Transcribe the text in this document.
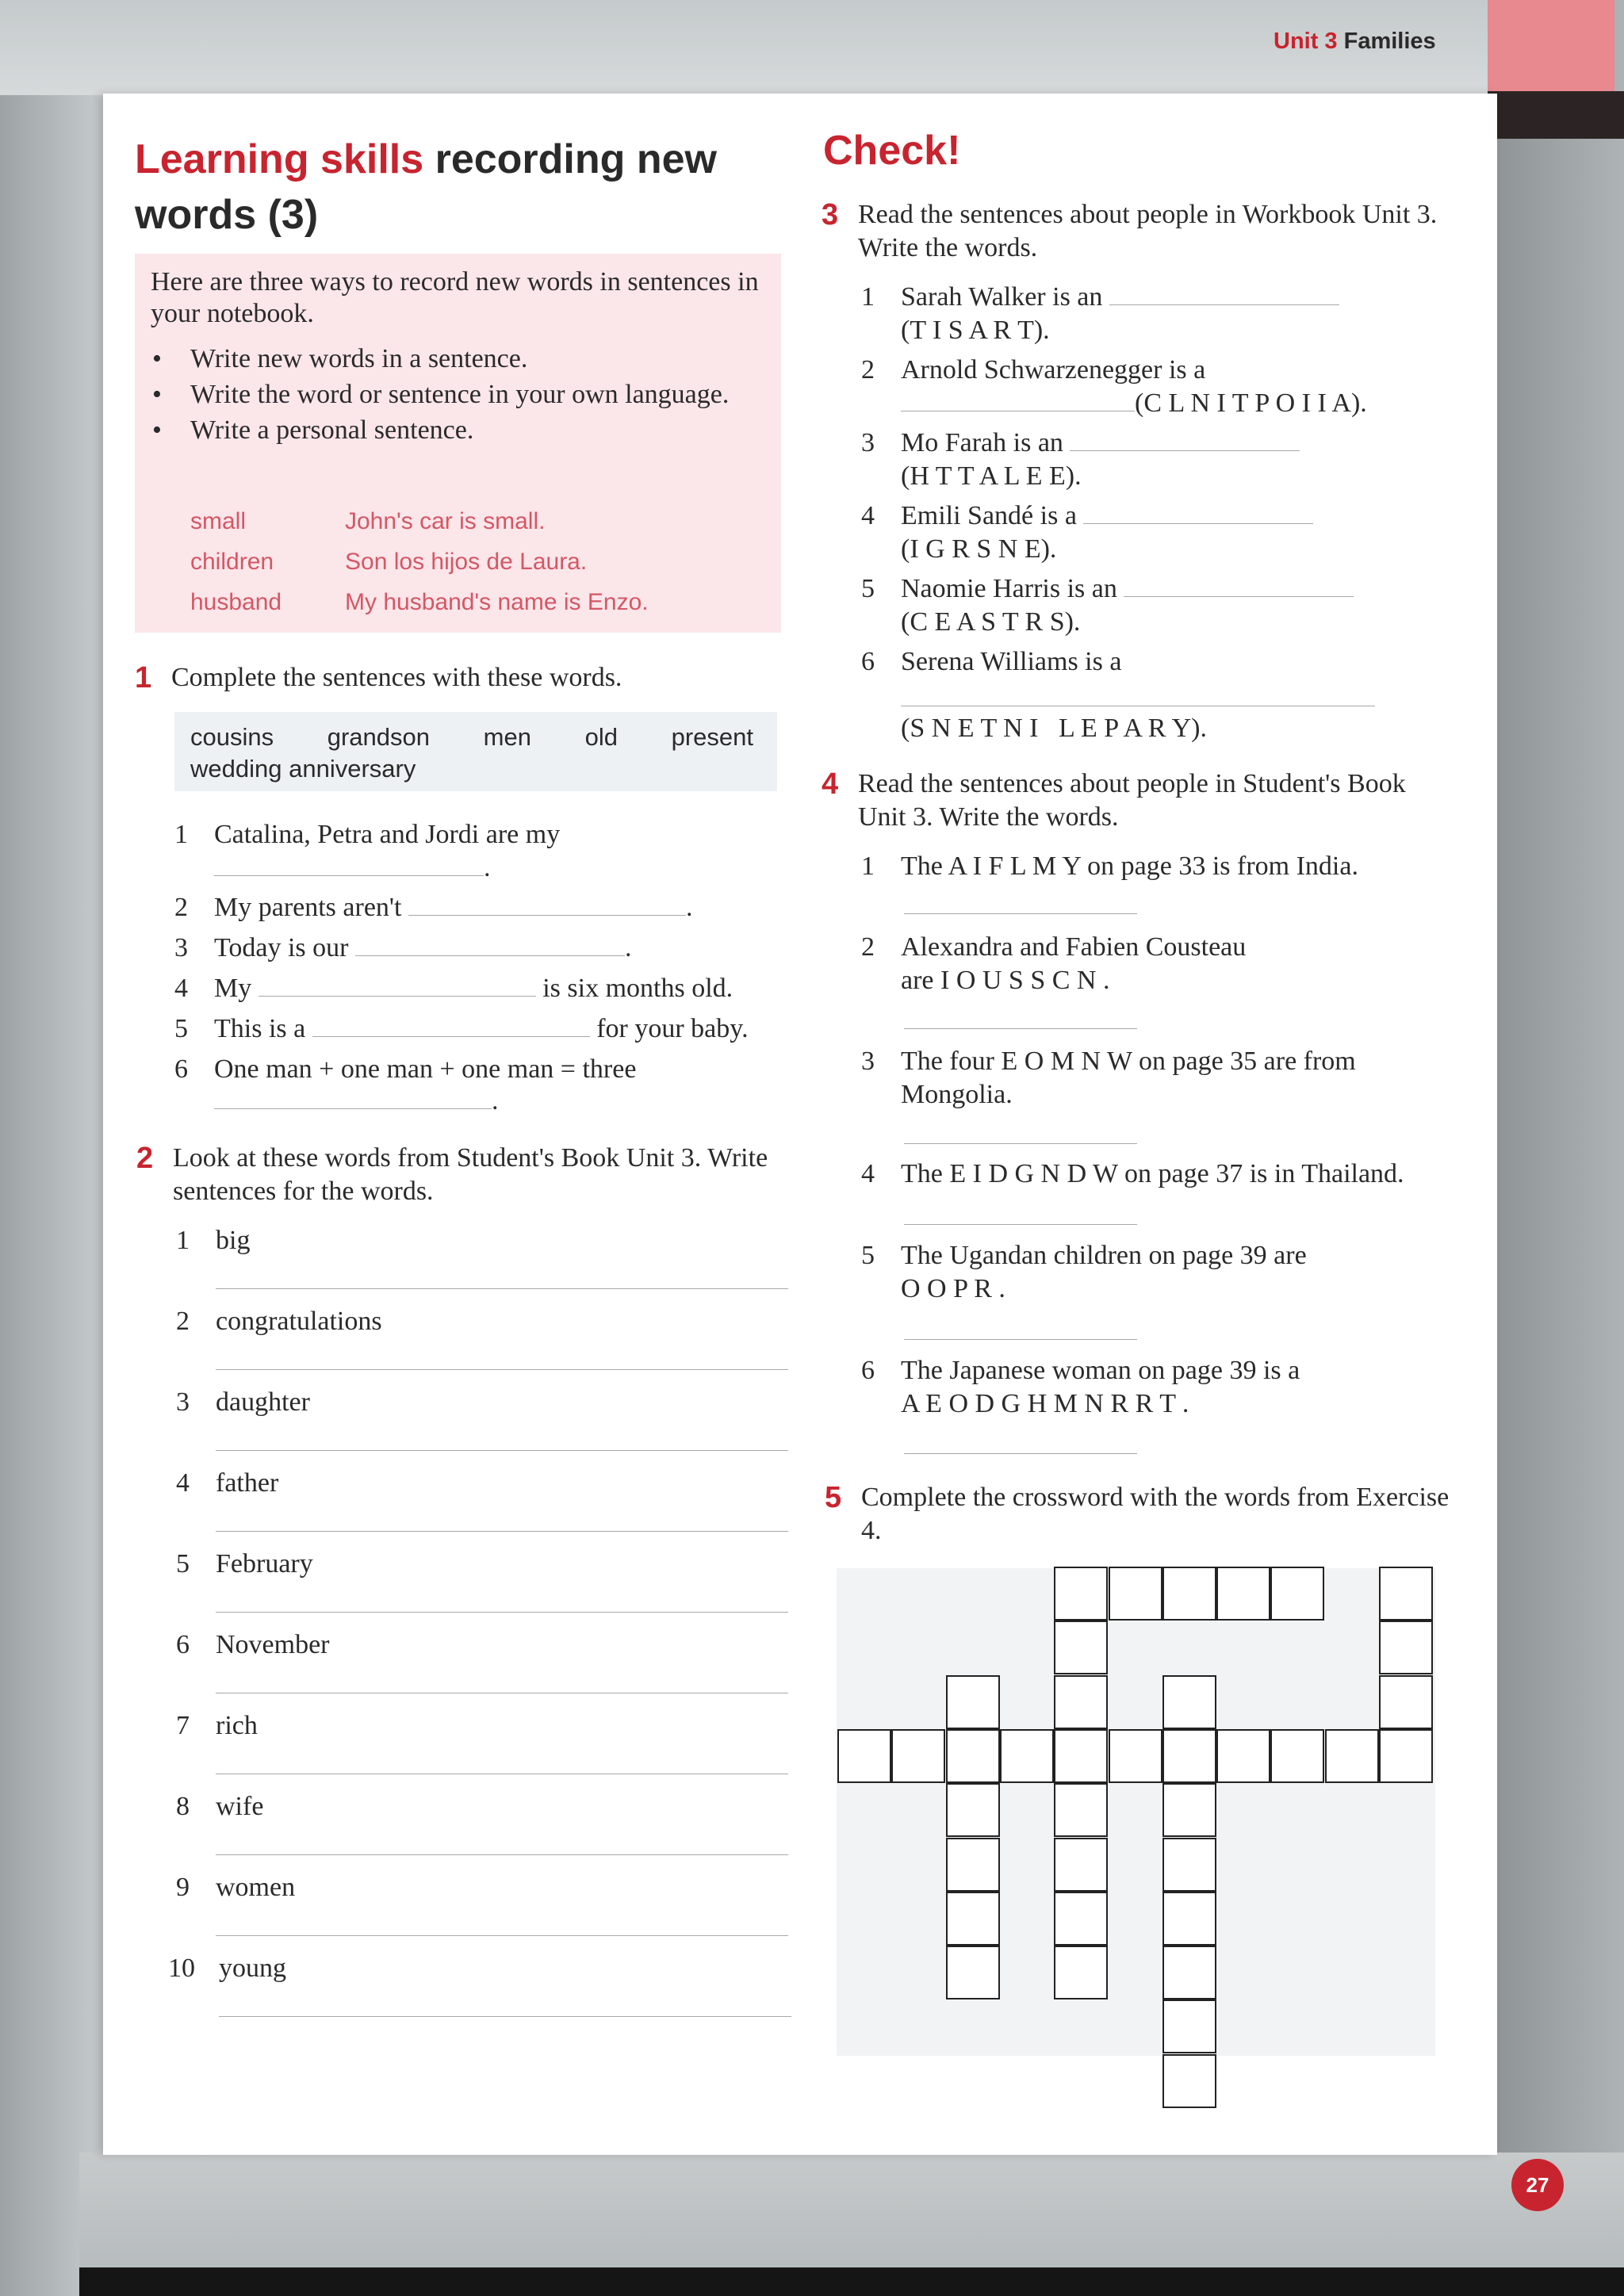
Unit 3 Families
27
Learning skills recording new words (3)
Here are three ways to record new words in sentences in your notebook.
• Write new words in a sentence.
• Write the word or sentence in your own language.
• Write a personal sentence.
small	John's car is small.
children	Son los hijos de Laura.
husband	My husband's name is Enzo.
1 Complete the sentences with these words.
cousins grandson men old present
wedding anniversary
1 Catalina, Petra and Jordi are my
.
2 My parents aren't
	.
3 Today is our
	.
4 My

	is six months old.
5 This is a

	for your baby.
6 One man + one man + one man = three
.
2 Look at these words from Student's Book Unit 3. Write sentences for the words.
1 big
2 congratulations
3 daughter
4 father
5 February
6 November
7 rich
8 wife
9 women
10 young
Check!
3 Read the sentences about people in Workbook Unit 3. Write the words.
1 Sarah Walker is an

(T I S A R T).
2 Arnold Schwarzenegger is a
(C L N I T P O I I A).
3 Mo Farah is an

(H T T A L E E).
4 Emili Sandé is a

(I G R S N E).
5 Naomie Harris is an

(C E A S T R S).
6 Serena Williams is a
(S N E T N I   L E P A R Y).
4 Read the sentences about people in Student's Book Unit 3. Write the words.
1 The A I F L M Y on page 33 is from India.
2 Alexandra and Fabien Cousteau
are I O U S S C N .
3 The four E O M N W on page 35 are from
Mongolia.
4 The E I D G N D W on page 37 is in Thailand.
5 The Ugandan children on page 39 are
O O P R .
6 The Japanese woman on page 39 is a
A E O D G H M N R R T .
5 Complete the crossword with the words from Exercise 4.
